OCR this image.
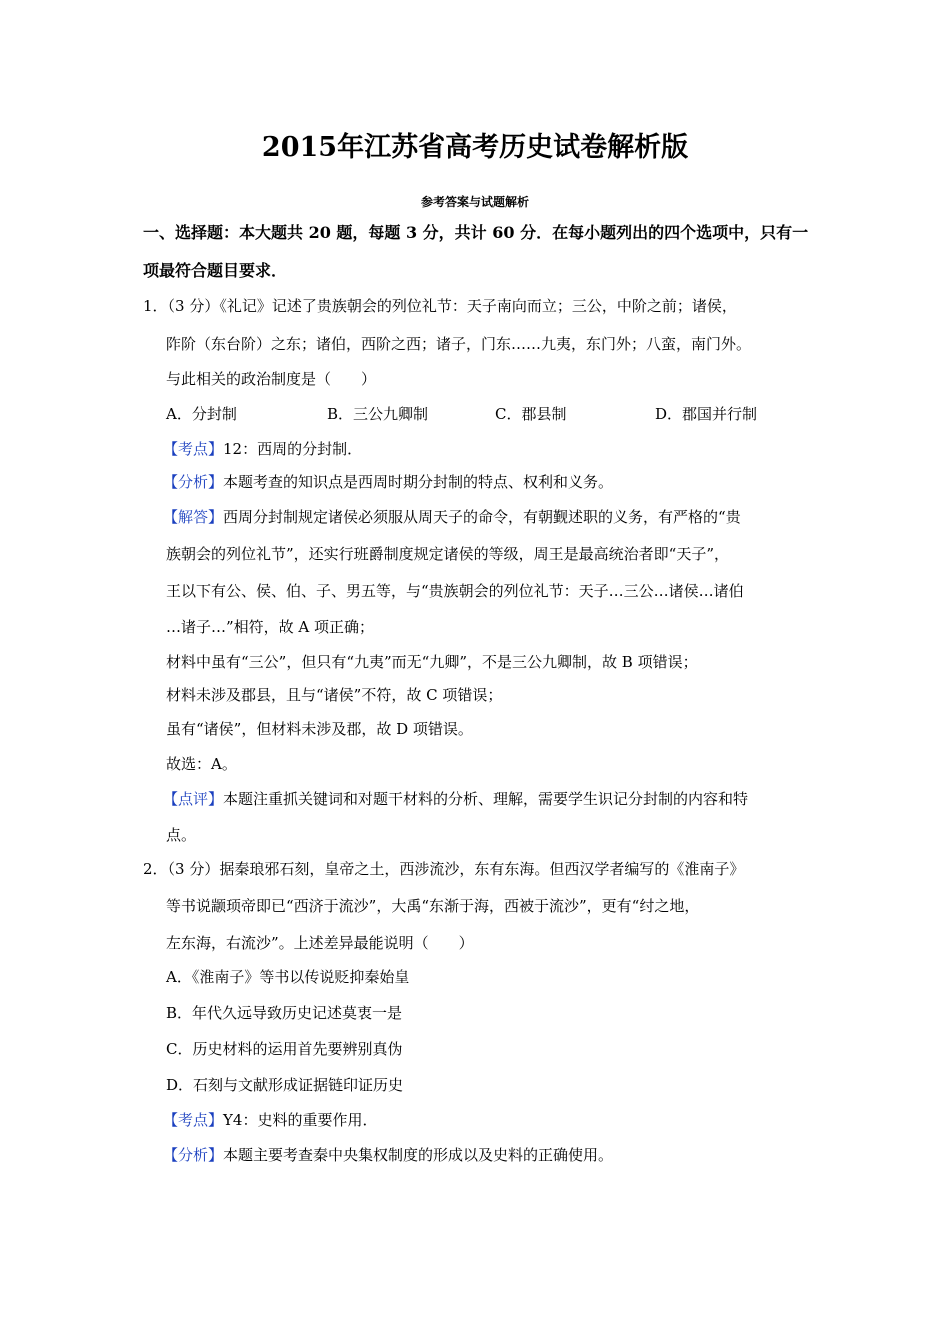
2015年江苏省高考历史试卷解析版
参考答案与试题解析
一、选择题：本大题共 20 题，每题 3 分，共计 60 分．在每小题列出的四个选项中，只有一
项最符合题目要求．
1．（3 分）《礼记》记述了贵族朝会的列位礼节：天子南向而立；三公，中阶之前；诸侯，
阼阶（东台阶）之东；诸伯，西阶之西；诸子，门东……九夷，东门外；八蛮，南门外。
与此相关的政治制度是（　　）
A．分封制	B．三公九卿制	C．郡县制	D．郡国并行制
【考点】12：西周的分封制．
【分析】本题考查的知识点是西周时期分封制的特点、权利和义务。
【解答】西周分封制规定诸侯必须服从周天子的命令，有朝觐述职的义务，有严格的“贵
族朝会的列位礼节”，还实行班爵制度规定诸侯的等级，周王是最高统治者即“天子”，
王以下有公、侯、伯、子、男五等，与“贵族朝会的列位礼节：天子…三公…诸侯…诸伯
…诸子…”相符，故 A 项正确；
材料中虽有“三公”，但只有“九夷”而无“九卿”，不是三公九卿制，故 B 项错误；
材料未涉及郡县，且与“诸侯”不符，故 C 项错误；
虽有“诸侯”，但材料未涉及郡，故 D 项错误。
故选：A。
【点评】本题注重抓关键词和对题干材料的分析、理解，需要学生识记分封制的内容和特
点。
2．（3 分）据秦琅邪石刻，皇帝之土，西涉流沙，东有东海。但西汉学者编写的《淮南子》
等书说颛顼帝即已“西济于流沙”，大禹“东渐于海，西被于流沙”，更有“纣之地，
左东海，右流沙”。上述差异最能说明（　　）
A．《淮南子》等书以传说贬抑秦始皇
B．年代久远导致历史记述莫衷一是
C．历史材料的运用首先要辨别真伪
D．石刻与文献形成证据链印证历史
【考点】Y4：史料的重要作用．
【分析】本题主要考查秦中央集权制度的形成以及史料的正确使用。
